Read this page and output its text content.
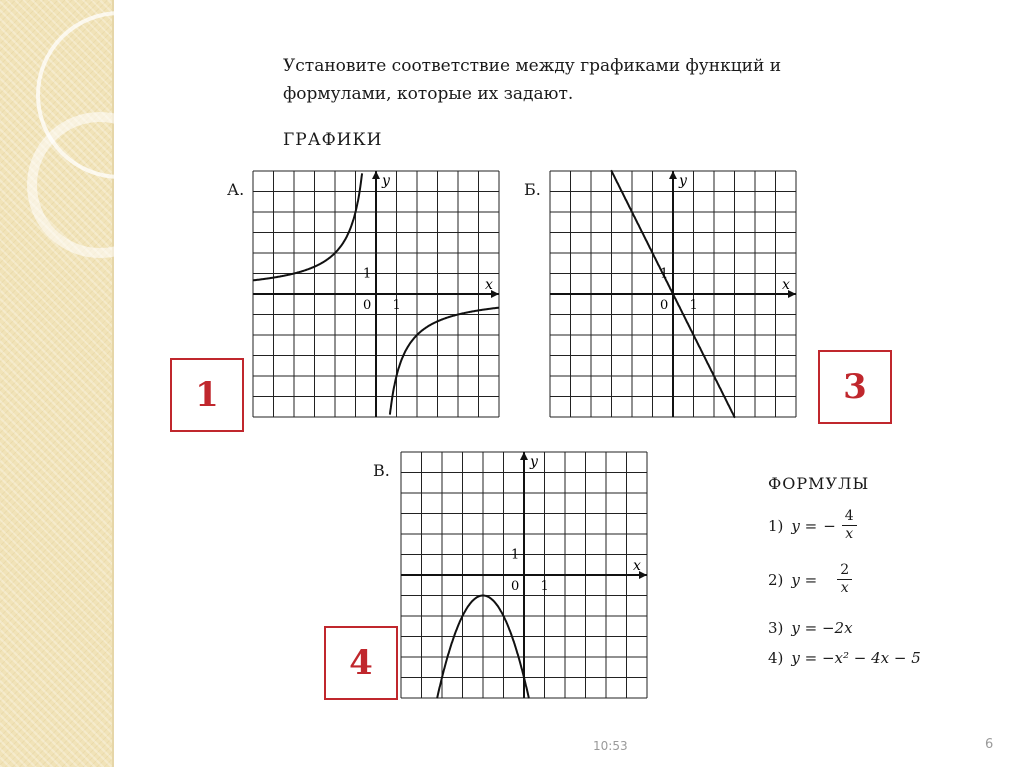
Установите соответствие между графиками функций и
формулами, которые их задают.
ГРАФИКИ
А.	Б.
В.
y
x
0 1
1
y
x
0 1
1
y
x
0 1
1
1	3
4
ФОРМУЛЫ
1) y = − $\frac{4}{x}$
2) $y = \frac{2}{x}$
3) y = −2x
4) y = −x² − 4x − 5
10:53	6
